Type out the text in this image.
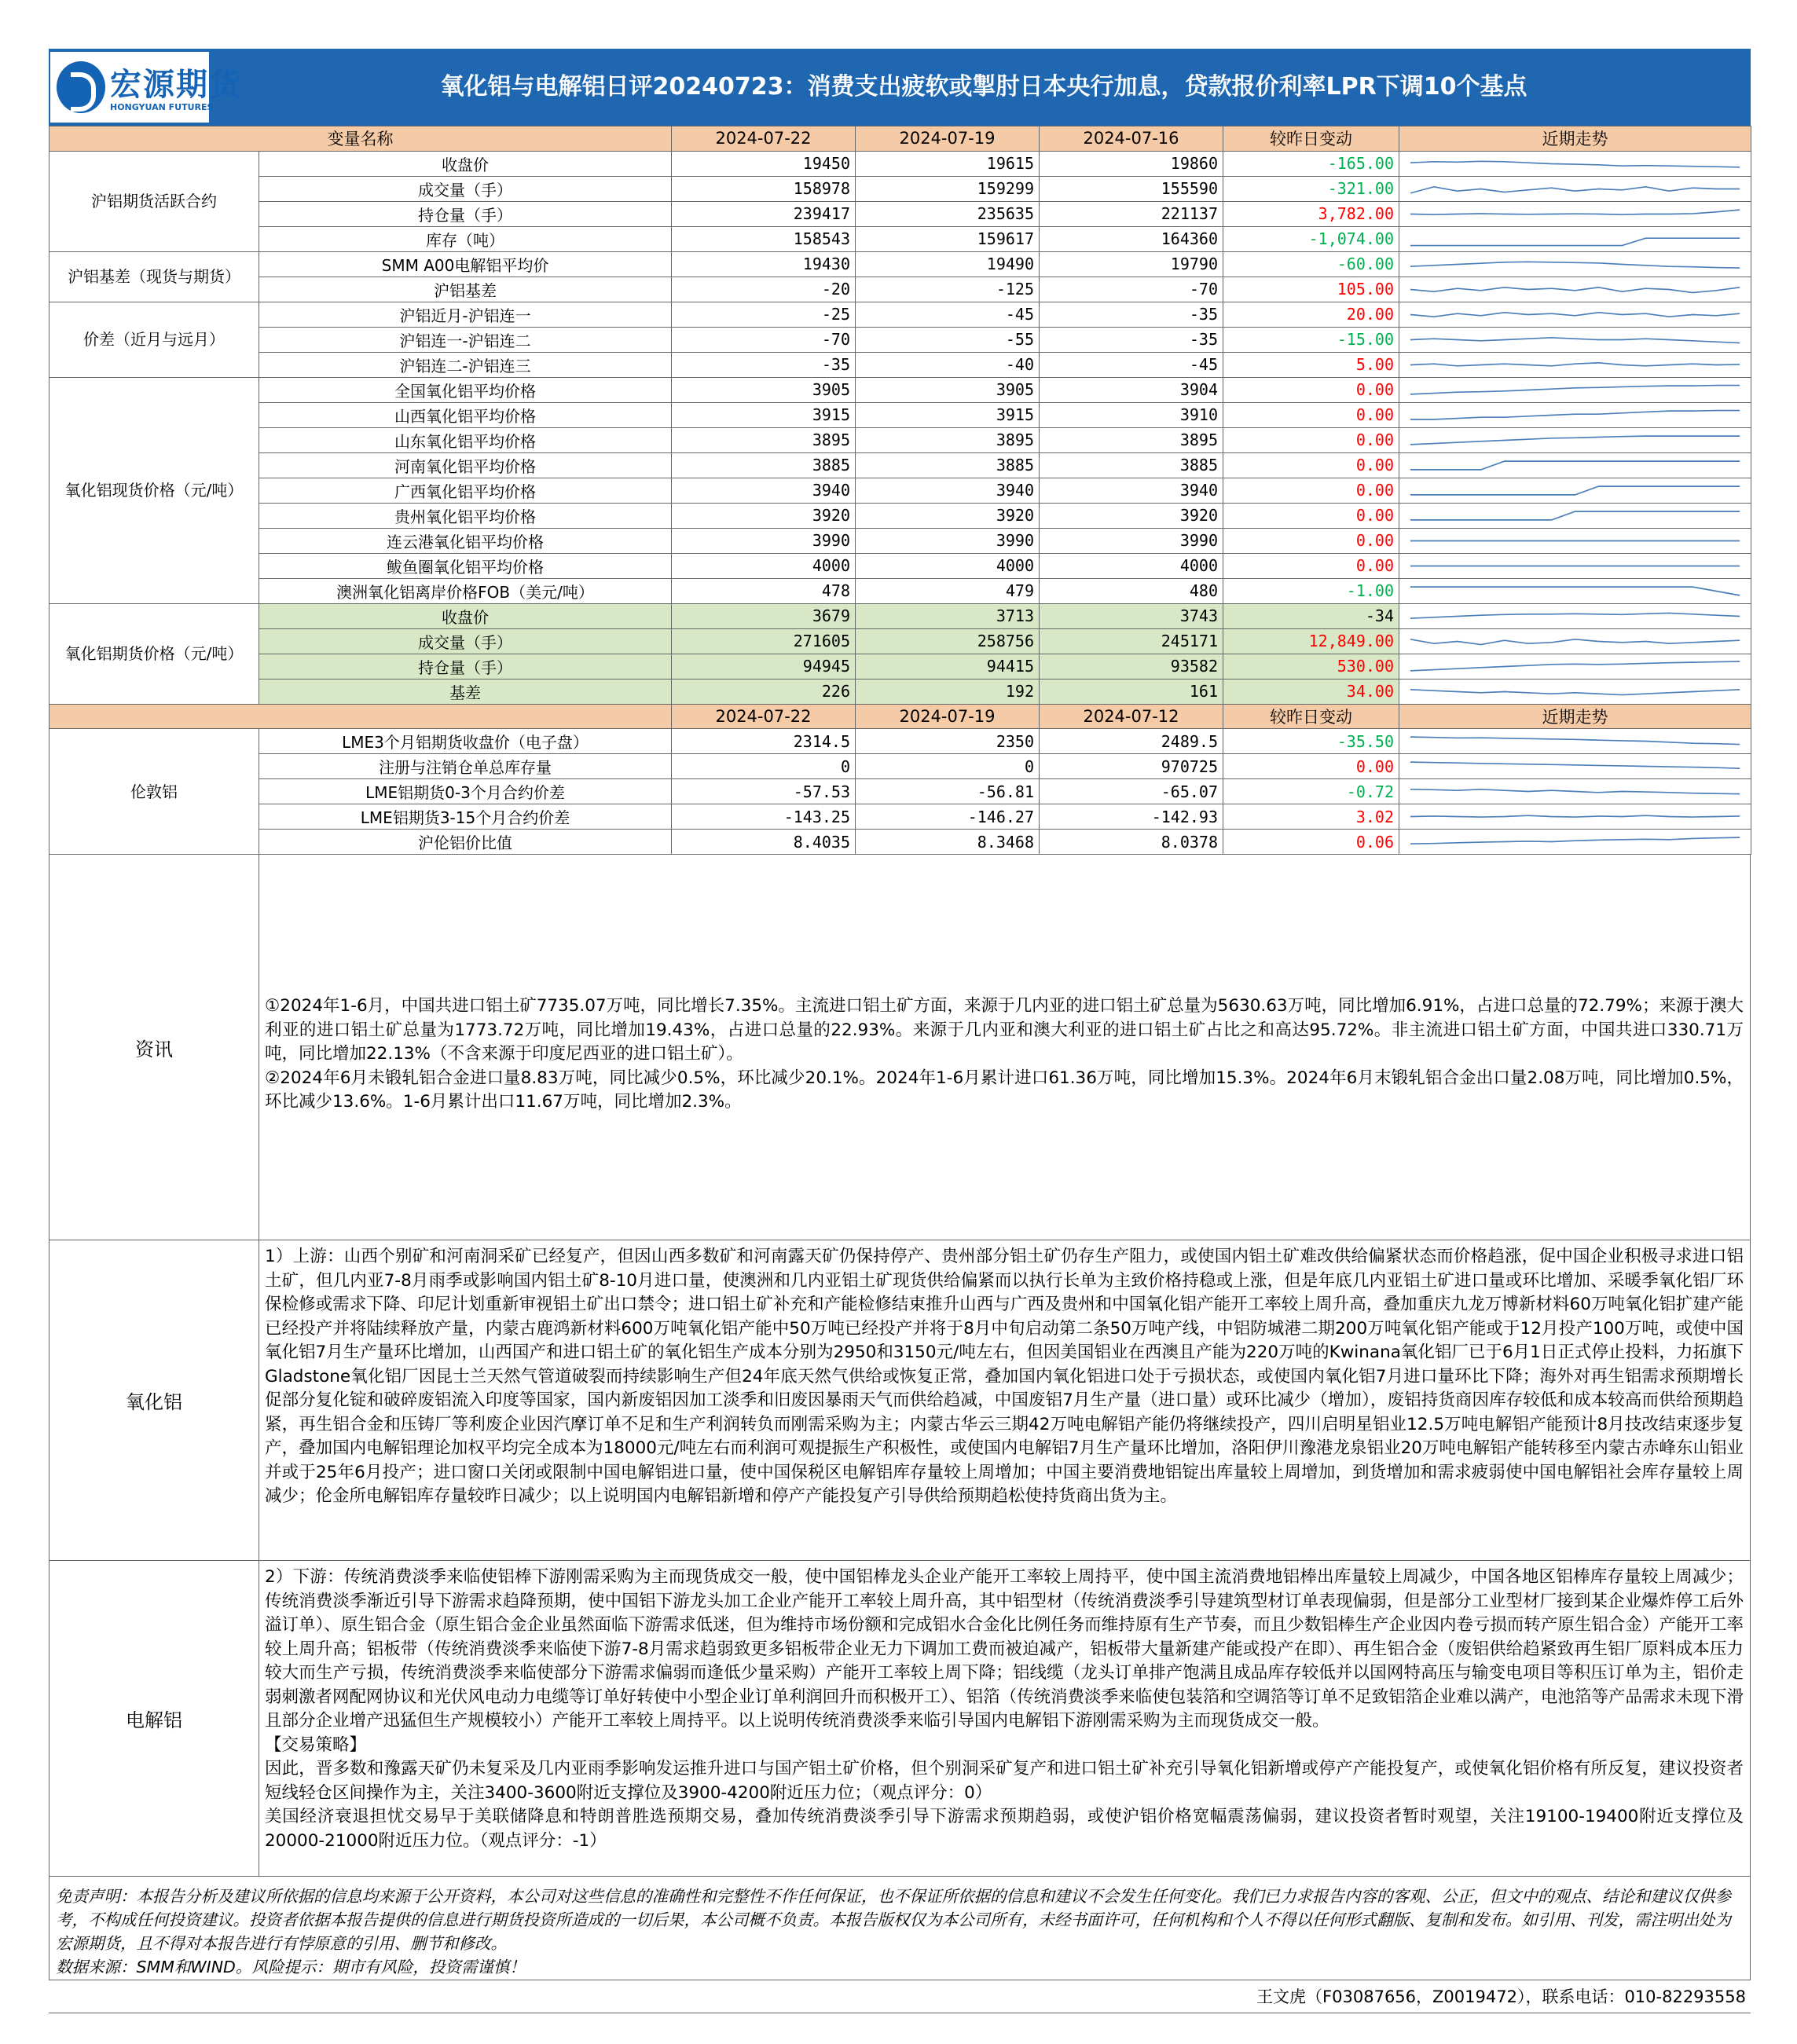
宏源期货
HONGYUAN FUTURES
氧化铝与电解铝日评20240723：消费支出疲软或掣肘日本央行加息，贷款报价利率LPR下调10个基点
变量名称		2024-07-22	2024-07-19	2024-07-16	较昨日变动	近期走势
沪铝期货活跃合约	收盘价	19450	19615	19860	-165.00	

	成交量（手）	158978	159299	155590	-321.00	

	持仓量（手）	239417	235635	221137	3,782.00	

	库存（吨）	158543	159617	164360	-1,074.00	

沪铝基差（现货与期货）	SMM A00电解铝平均价	19430	19490	19790	-60.00	

	沪铝基差	-20	-125	-70	105.00	

价差（近月与远月）	沪铝近月-沪铝连一	-25	-45	-35	20.00	

	沪铝连一-沪铝连二	-70	-55	-35	-15.00	

	沪铝连二-沪铝连三	-35	-40	-45	5.00	

氧化铝现货价格（元/吨）	全国氧化铝平均价格	3905	3905	3904	0.00	

	山西氧化铝平均价格	3915	3915	3910	0.00	

	山东氧化铝平均价格	3895	3895	3895	0.00	

	河南氧化铝平均价格	3885	3885	3885	0.00	

	广西氧化铝平均价格	3940	3940	3940	0.00	

	贵州氧化铝平均价格	3920	3920	3920	0.00	

	连云港氧化铝平均价格	3990	3990	3990	0.00	

	鲅鱼圈氧化铝平均价格	4000	4000	4000	0.00	

	澳洲氧化铝离岸价格FOB（美元/吨）	478	479	480	-1.00	

氧化铝期货价格（元/吨）	收盘价	3679	3713	3743	-34	

	成交量（手）	271605	258756	245171	12,849.00	

	持仓量（手）	94945	94415	93582	530.00	

	基差	226	192	161	34.00	

		2024-07-22	2024-07-19	2024-07-12	较昨日变动	近期走势
伦敦铝	LME3个月铝期货收盘价（电子盘）	2314.5	2350	2489.5	-35.50	

	注册与注销仓单总库存量	0	0	970725	0.00	

	LME铝期货0-3个月合约价差	-57.53	-56.81	-65.07	-0.72	

	LME铝期货3-15个月合约价差	-143.25	-146.27	-142.93	3.02	

	沪伦铝价比值	8.4035	8.3468	8.0378	0.06	
资讯

①2024年1-6月，中国共进口铝土矿7735.07万吨，同比增长7.35%。主流进口铝土矿方面，来源于几内亚的进口铝土矿总量为5630.63万吨，同比增加6.91%，占进口总量的72.79%；来源于澳大利亚的进口铝土矿总量为1773.72万吨，同比增加19.43%，占进口总量的22.93%。来源于几内亚和澳大利亚的进口铝土矿占比之和高达95.72%。非主流进口铝土矿方面，中国共进口330.71万吨，同比增加22.13%（不含来源于印度尼西亚的进口铝土矿）。

②2024年6月未锻轧铝合金进口量8.83万吨，同比减少0.5%，环比减少20.1%。2024年1-6月累计进口61.36万吨，同比增加15.3%。2024年6月末锻轧铝合金出口量2.08万吨，同比增加0.5%，环比减少13.6%。1-6月累计出口11.67万吨，同比增加2.3%。

氧化铝
1）上游：山西个别矿和河南洞采矿已经复产，但因山西多数矿和河南露天矿仍保持停产、贵州部分铝土矿仍存生产阻力，或使国内铝土矿难改供给偏紧状态而价格趋涨，促中国企业积极寻求进口铝土矿，但几内亚7-8月雨季或影响国内铝土矿8-10月进口量，使澳洲和几内亚铝土矿现货供给偏紧而以执行长单为主致价格持稳或上涨，但是年底几内亚铝土矿进口量或环比增加、采暖季氧化铝厂环保检修或需求下降、印尼计划重新审视铝土矿出口禁令；进口铝土矿补充和产能检修结束推升山西与广西及贵州和中国氧化铝产能开工率较上周升高，叠加重庆九龙万博新材料60万吨氧化铝扩建产能已经投产并将陆续释放产量，内蒙古鹿鸿新材料600万吨氧化铝产能中50万吨已经投产并将于8月中旬启动第二条50万吨产线，中铝防城港二期200万吨氧化铝产能或于12月投产100万吨，或使中国氧化铝7月生产量环比增加，山西国产和进口铝土矿的氧化铝生产成本分别为2950和3150元/吨左右，但因美国铝业在西澳且产能为220万吨的Kwinana氧化铝厂已于6月1日正式停止投料，力拓旗下Gladstone氧化铝厂因昆士兰天然气管道破裂而持续影响生产但24年底天然气供给或恢复正常，叠加国内氧化铝进口处于亏损状态，或使国内氧化铝7月进口量环比下降；海外对再生铝需求预期增长促部分复化锭和破碎废铝流入印度等国家，国内新废铝因加工淡季和旧废因暴雨天气而供给趋减，中国废铝7月生产量（进口量）或环比减少（增加），废铝持货商因库存较低和成本较高而供给预期趋紧，再生铝合金和压铸厂等利废企业因汽摩订单不足和生产利润转负而刚需采购为主；内蒙古华云三期42万吨电解铝产能仍将继续投产，四川启明星铝业12.5万吨电解铝产能预计8月技改结束逐步复产，叠加国内电解铝理论加权平均完全成本为18000元/吨左右而利润可观提振生产积极性，或使国内电解铝7月生产量环比增加，洛阳伊川豫港龙泉铝业20万吨电解铝产能转移至内蒙古赤峰东山铝业并或于25年6月投产；进口窗口关闭或限制中国电解铝进口量，使中国保税区电解铝库存量较上周增加；中国主要消费地铝锭出库量较上周增加，到货增加和需求疲弱使中国电解铝社会库存量较上周减少；伦金所电解铝库存量较昨日减少；以上说明国内电解铝新增和停产产能投复产引导供给预期趋松使持货商出货为主。
电解铝

2）下游：传统消费淡季来临使铝棒下游刚需采购为主而现货成交一般，使中国铝棒龙头企业产能开工率较上周持平，使中国主流消费地铝棒出库量较上周减少，中国各地区铝棒库存量较上周减少；传统消费淡季渐近引导下游需求趋降预期，使中国铝下游龙头加工企业产能开工率较上周升高，其中铝型材（传统消费淡季引导建筑型材订单表现偏弱，但是部分工业型材厂接到某企业爆炸停工后外溢订单）、原生铝合金（原生铝合金企业虽然面临下游需求低迷，但为维持市场份额和完成铝水合金化比例任务而维持原有生产节奏，而且少数铝棒生产企业因内卷亏损而转产原生铝合金）产能开工率较上周升高；铝板带（传统消费淡季来临使下游7-8月需求趋弱致更多铝板带企业无力下调加工费而被迫减产，铝板带大量新建产能或投产在即）、再生铝合金（废铝供给趋紧致再生铝厂原料成本压力较大而生产亏损，传统消费淡季来临使部分下游需求偏弱而逢低少量采购）产能开工率较上周下降；铝线缆（龙头订单排产饱满且成品库存较低并以国网特高压与输变电项目等积压订单为主，铝价走弱刺激者网配网协议和光伏风电动力电缆等订单好转使中小型企业订单利润回升而积极开工）、铝箔（传统消费淡季来临使包装箔和空调箔等订单不足致铝箔企业难以满产，电池箔等产品需求未现下滑且部分企业增产迅猛但生产规模较小）产能开工率较上周持平。以上说明传统消费淡季来临引导国内电解铝下游刚需采购为主而现货成交一般。

【交易策略】

因此，晋多数和豫露天矿仍未复采及几内亚雨季影响发运推升进口与国产铝土矿价格，但个别洞采矿复产和进口铝土矿补充引导氧化铝新增或停产产能投复产，或使氧化铝价格有所反复，建议投资者短线轻仓区间操作为主，关注3400-3600附近支撑位及3900-4200附近压力位；（观点评分：0）

美国经济衰退担忧交易早于美联储降息和特朗普胜选预期交易，叠加传统消费淡季引导下游需求预期趋弱，或使沪铝价格宽幅震荡偏弱，建议投资者暂时观望，关注19100-19400附近支撑位及20000-21000附近压力位。（观点评分：-1）

免责声明：本报告分析及建议所依据的信息均来源于公开资料，本公司对这些信息的准确性和完整性不作任何保证，也不保证所依据的信息和建议不会发生任何变化。我们已力求报告内容的客观、公正，但文中的观点、结论和建议仅供参考，不构成任何投资建议。投资者依据本报告提供的信息进行期货投资所造成的一切后果，本公司概不负责。本报告版权仅为本公司所有，未经书面许可，任何机构和个人不得以任何形式翻版、复制和发布。如引用、刊发，需注明出处为宏源期货，且不得对本报告进行有悖原意的引用、删节和修改。

数据来源：SMM和WIND。风险提示：期市有风险，投资需谨慎！

王文虎（F03087656，Z0019472），联系电话：010-82293558
